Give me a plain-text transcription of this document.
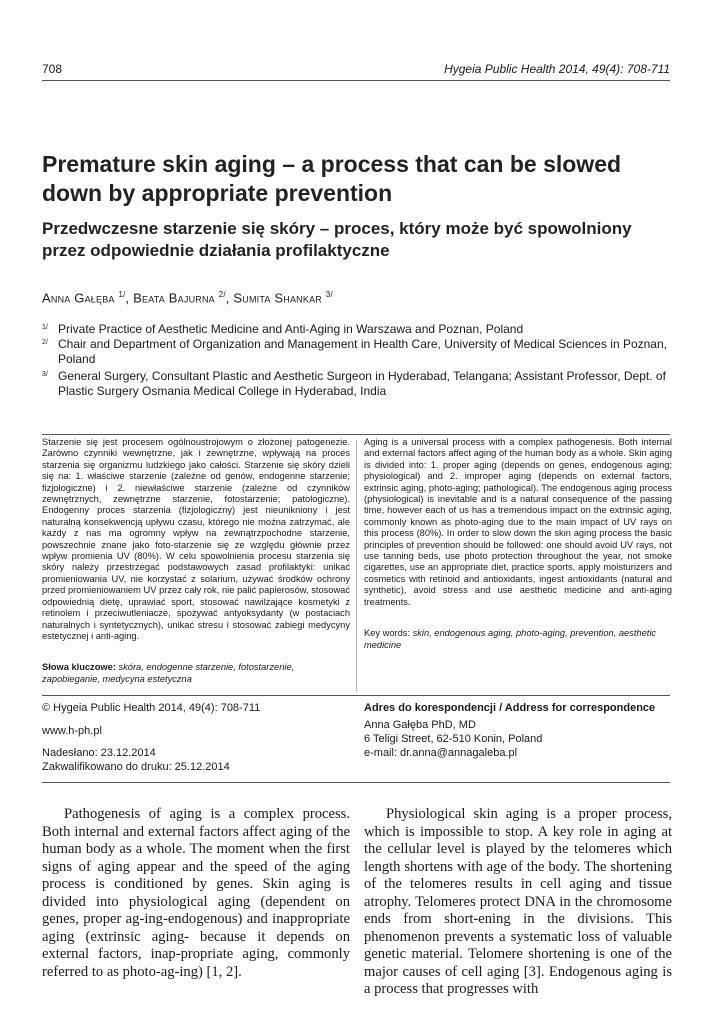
708	Hygeia Public Health 2014, 49(4): 708-711
Premature skin aging – a process that can be slowed down by appropriate prevention
Przedwczesne starzenie się skóry – proces, który może być spowolniony przez odpowiednie działania profilaktyczne
Anna Gałęba $^{1/}$, Beata Bajurna $^{2/}$, Sumita Shankar $^{3/}$
1/ Private Practice of Aesthetic Medicine and Anti-Aging in Warszawa and Poznan, Poland
2/ Chair and Department of Organization and Management in Health Care, University of Medical Sciences in Poznan, Poland
3/ General Surgery, Consultant Plastic and Aesthetic Surgeon in Hyderabad, Telangana; Assistant Professor, Dept. of Plastic Surgery Osmania Medical College in Hyderabad, India
Starzenie się jest procesem ogólnoustrojowym o złożonej patogenezie. Zarówno czynniki wewnętrzne, jak i zewnętrzne, wpływają na proces starzenia się organizmu ludzkiego jako całości. Starzenie się skóry dzieli się na: 1. właściwe starzenie (zależne od genów, endogenne starzenie; fizjologiczne) i 2. niewłaściwe starzenie (zależne od czynników zewnętrznych, zewnętrzne starzenie, fotostarzenie; patologiczne). Endogenny proces starzenia (fizjologiczny) jest nieunikniony i jest naturalną konsekwencją upływu czasu, którego nie można zatrzymać, ale każdy z nas ma ogromny wpływ na zewnątrzpochodne starzenie, powszechnie znane jako foto-starzenie się ze względu głównie przez wpływ promienia UV (80%). W celu spowolnienia procesu starzenia się skóry należy przestrzegać podstawowych zasad profilaktyki: unikać promieniowania UV, nie korzystać z solarium, używać środków ochrony przed promieniowaniem UV przez cały rok, nie palić papierosów, stosować odpowiednią dietę, uprawiać sport, stosować nawilżające kosmetyki z retinolem i przeciwutleniacze, spożywać antyoksydanty (w postaciach naturalnych i syntetycznych), unikać stresu i stosować zabiegi medycyny estetycznej i anti-aging.
Aging is a universal process with a complex pathogenesis. Both internal and external factors affect aging of the human body as a whole. Skin aging is divided into: 1. proper aging (depends on genes, endogenous aging; physiological) and 2. improper aging (depends on external factors, extrinsic aging, photo-aging; pathological). The endogenous aging process (physiological) is inevitable and is a natural consequence of the passing time, however each of us has a tremendous impact on the extrinsic aging, commonly known as photo-aging due to the main impact of UV rays on this process (80%). In order to slow down the skin aging process the basic principles of prevention should be followed: one should avoid UV rays, not use tanning beds, use photo protection throughout the year, not smoke cigarettes, use an appropriate diet, practice sports, apply moisturizers and cosmetics with retinoid and antioxidants, ingest antioxidants (natural and synthetic), avoid stress and use aesthetic medicine and anti-aging treatments.
Słowa kluczowe: skóra, endogenne starzenie, fotostarzenie, zapobieganie, medycyna estetyczna
Key words: skin, endogenous aging, photo-aging, prevention, aesthetic medicine
© Hygeia Public Health 2014, 49(4): 708-711
www.h-ph.pl
Nadesłano: 23.12.2014
Zakwalifikowano do druku: 25.12.2014
Adres do korespondencji / Address for correspondence
Anna Gałęba PhD, MD
6 Teligi Street, 62-510 Konin, Poland
e-mail: dr.anna@annagaleba.pl

Pathogenesis of aging is a complex process. Both internal and external factors affect aging of the human body as a whole. The moment when the first signs of aging appear and the speed of the aging process is conditioned by genes. Skin aging is divided into physiological aging (dependent on genes, proper ag-ing-endogenous) and inappropriate aging (extrinsic aging- because it depends on external factors, inap-propriate aging, commonly referred to as photo-ag-ing) [1, 2].

Physiological skin aging is a proper process, which is impossible to stop. A key role in aging at the cellular level is played by the telomeres which length shortens with age of the body. The shortening of the telomeres results in cell aging and tissue atrophy. Telomeres protect DNA in the chromosome ends from short-ening in the divisions. This phenomenon prevents a systematic loss of valuable genetic material. Telomere shortening is one of the major causes of cell aging [3]. Endogenous aging is a process that progresses with
